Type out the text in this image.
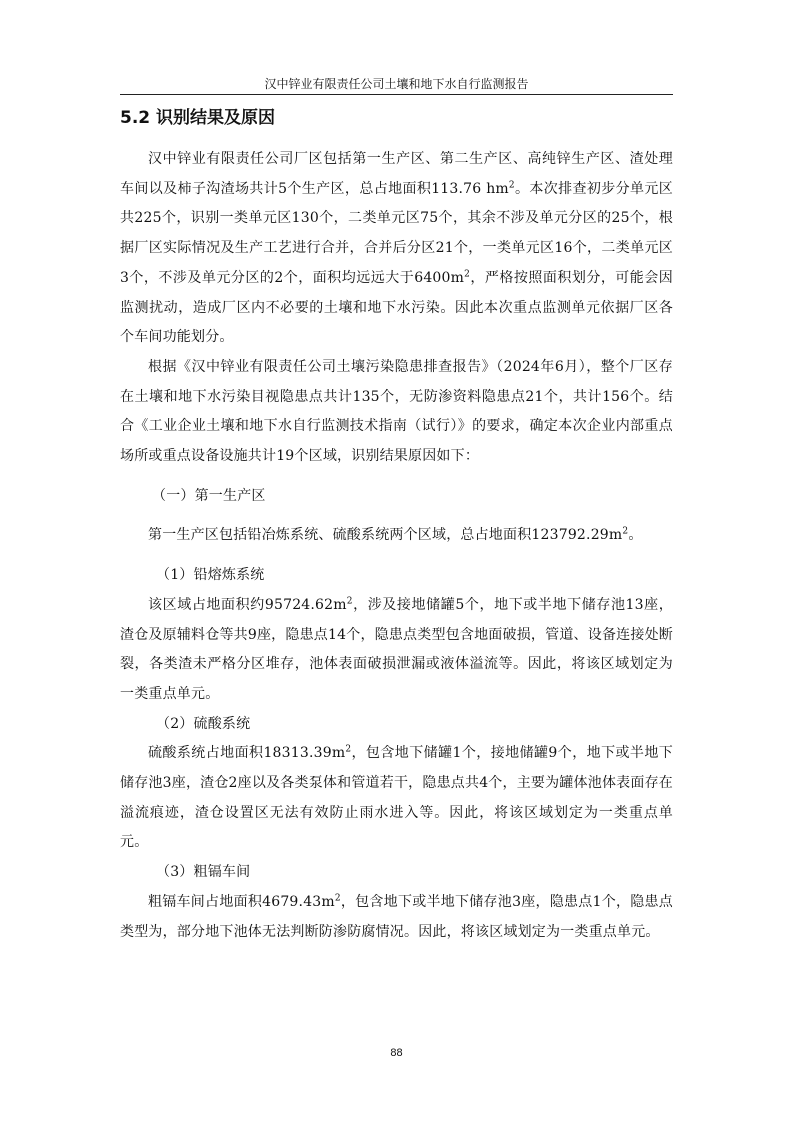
汉中锌业有限责任公司土壤和地下水自行监测报告
5.2 识别结果及原因

汉中锌业有限责任公司厂区包括第一生产区、第二生产区、高纯锌生产区、渣处理车间以及柿子沟渣场共计5个生产区，总占地面积113.76 $hm^2$。本次排查初步分单元区共225个，识别一类单元区130个，二类单元区75个，其余不涉及单元分区的25个，根据厂区实际情况及生产工艺进行合并，合并后分区21个，一类单元区16个，二类单元区3个，不涉及单元分区的2个，面积均远远大于$6400m^2$，严格按照面积划分，可能会因监测扰动，造成厂区内不必要的土壤和地下水污染。因此本次重点监测单元依据厂区各个车间功能划分。

根据《汉中锌业有限责任公司土壤污染隐患排查报告》（2024年6月），整个厂区存在土壤和地下水污染目视隐患点共计135个，无防渗资料隐患点21个，共计156个。结合《工业企业土壤和地下水自行监测技术指南（试行）》的要求，确定本次企业内部重点场所或重点设备设施共计19个区域，识别结果原因如下：

（一）第一生产区

第一生产区包括铅冶炼系统、硫酸系统两个区域，总占地面积$123792.29m^2$。

（1）铅熔炼系统

该区域占地面积约$95724.62m^2$，涉及接地储罐5个，地下或半地下储存池13座，渣仓及原辅料仓等共9座，隐患点14个，隐患点类型包含地面破损，管道、设备连接处断裂，各类渣未严格分区堆存，池体表面破损泄漏或液体溢流等。因此，将该区域划定为一类重点单元。

（2）硫酸系统

硫酸系统占地面积$18313.39m^2$，包含地下储罐1个，接地储罐9个，地下或半地下储存池3座，渣仓2座以及各类泵体和管道若干，隐患点共4个，主要为罐体池体表面存在溢流痕迹，渣仓设置区无法有效防止雨水进入等。因此，将该区域划定为一类重点单元。

（3）粗镉车间

粗镉车间占地面积$4679.43m^2$，包含地下或半地下储存池3座，隐患点1个，隐患点类型为，部分地下池体无法判断防渗防腐情况。因此，将该区域划定为一类重点单元。

88
